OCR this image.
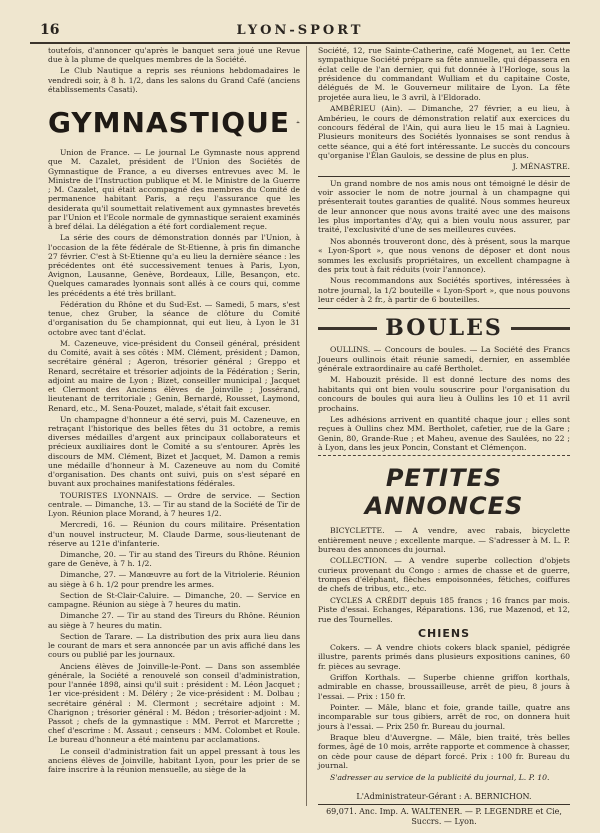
16	LYON-SPORT

toutefois, d'annoncer qu'après le banquet sera joué une Revue due à la plume de quelques membres de la Société.

Le Club Nautique a repris ses réunions hebdomadaires le vendredi soir, à 8 h. 1/2, dans les salons du Grand Café (anciens établissements Casati).

GYMNASTIQUE

Union de France. — Le journal Le Gymnaste nous apprend que M. Cazalet, président de l'Union des Sociétés de Gymnastique de France, a eu diverses entrevues avec M. le Ministre de l'Instruction publique et M. le Ministre de la Guerre ; M. Cazalet, qui était accompagné des membres du Comité de permanence habitant Paris, a reçu l'assurance que les desiderata qu'il soumettait relativement aux gymnastes brevetés par l'Union et l'Ecole normale de gymnastique seraient examinés à bref délai. La délégation a été fort cordialement reçue.

La série des cours de démonstration donnés par l'Union, à l'occasion de la fête fédérale de St-Etienne, à pris fin dimanche 27 février. C'est à St-Etienne qu'a eu lieu la dernière séance : les précédentes ont été successivement tenues à Paris, Lyon, Avignon, Lausanne, Genève, Bordeaux, Lille, Besançon, etc. Quelques camarades lyonnais sont allés à ce cours qui, comme les précédents a été très brillant.

Fédération du Rhône et du Sud-Est. — Samedi, 5 mars, s'est tenue, chez Gruber, la séance de clôture du Comité d'organisation du 5e championnat, qui eut lieu, à Lyon le 31 octobre avec tant d'éclat.

M. Cazeneuve, vice-président du Conseil général, président du Comité, avait à ses côtés : MM. Clément, président ; Damon, secrétaire général ; Ageron, trésorier général ; Greppo et Renard, secrétaire et trésorier adjoints de la Fédération ; Serin, adjoint au maire de Lyon ; Bizet, conseiller municipal ; Jacquet et Clermont des Anciens élèves de Joinville ; Jossérand, lieutenant de territoriale ; Genin, Bernardé, Rousset, Laymond, Renard, etc., M. Sena-Pouzet, malade, s'était fait excuser.

Un champagne d'honneur a été servi, puis M. Cazeneuve, en retraçant l'historique des belles fêtes du 31 octobre, a remis diverses médailles d'argent aux principaux collaborateurs et précieux auxiliaires dont le Comité a su s'entourer. Après les discours de MM. Clément, Bizet et Jacquet, M. Damon a remis une médaille d'honneur à M. Cazeneuve au nom du Comité d'organisation. Des chants ont suivi, puis on s'est séparé en buvant aux prochaines manifestations fédérales.

TOURISTES LYONNAIS. — Ordre de service. — Section centrale. — Dimanche, 13. — Tir au stand de la Société de Tir de Lyon. Réunion place Morand, à 7 heures 1/2.

Mercredi, 16. — Réunion du cours militaire. Présentation d'un nouvel instructeur, M. Claude Darme, sous-lieutenant de réserve au 121e d'infanterie.

Dimanche, 20. — Tir au stand des Tireurs du Rhône. Réunion gare de Genève, à 7 h. 1/2.

Dimanche, 27. — Manœuvre au fort de la Vitriolerie. Réunion au siège à 6 h. 1/2 pour prendre les armes.

Section de St-Clair-Caluire. — Dimanche, 20. — Service en campagne. Réunion au siège à 7 heures du matin.

Dimanche 27. — Tir au stand des Tireurs du Rhône. Réunion au siège à 7 heures du matin.

Section de Tarare. — La distribution des prix aura lieu dans le courant de mars et sera annoncée par un avis affiché dans les cours ou publié par les journaux.

Anciens élèves de Joinville-le-Pont. — Dans son assemblée générale, la Société a renouvelé son conseil d'administration, pour l'année 1898, ainsi qu'il suit : président : M. Léon Jacquet ; 1er vice-président : M. Déléry ; 2e vice-président : M. Dolbau ; secrétaire général : M. Clermont ; secrétaire adjoint : M. Charignon ; trésorier général : M. Bédon ; trésorier-adjoint : M. Passot ; chefs de la gymnastique : MM. Perrot et Marcrette ; chef d'escrime : M. Assaut ; censeurs : MM. Colombet et Roule. Le bureau d'honneur a été maintenu par acclamations.

Le conseil d'administration fait un appel pressant à tous les anciens élèves de Joinville, habitant Lyon, pour les prier de se faire inscrire à la réunion mensuelle, au siège de la

Société, 12, rue Sainte-Catherine, café Mogenet, au 1er. Cette sympathique Société prépare sa fête annuelle, qui dépassera en éclat celle de l'an dernier, qui fut donnée à l'Horloge, sous la présidence du commandant Wulliam et du capitaine Coste, délégués de M. le Gouverneur militaire de Lyon. La fête projetée aura lieu, le 3 avril, à l'Eldorado.

AMBÉRIEU (Ain). — Dimanche, 27 février, a eu lieu, à Ambérieu, le cours de démonstration relatif aux exercices du concours fédéral de l'Ain, qui aura lieu le 15 mai à Lagnieu. Plusieurs moniteurs des Sociétés lyonnaises se sont rendus à cette séance, qui a été fort intéressante. Le succès du concours qu'organise l'Élan Gaulois, se dessine de plus en plus.

J. MÉNASTRE.

Un grand nombre de nos amis nous ont témoigné le désir de voir associer le nom de notre journal à un champagne qui présenterait toutes garanties de qualité. Nous sommes heureux de leur annoncer que nous avons traité avec une des maisons les plus importantes d'Ay, qui a bien voulu nous assurer, par traité, l'exclusivité d'une de ses meilleures cuvées.

Nos abonnés trouveront donc, dès à présent, sous la marque « Lyon-Sport », que nous venons de déposer et dont nous sommes les exclusifs propriétaires, un excellent champagne à des prix tout à fait réduits (voir l'annonce).

Nous recommandons aux Sociétés sportives, intéressées à notre journal, la 1/2 bouteille « Lyon-Sport », que nous pouvons leur céder à 2 fr., à partir de 6 bouteilles.

BOULES

OULLINS. — Concours de boules. — La Société des Francs Joueurs oullinois était réunie samedi, dernier, en assemblée générale extraordinaire au café Bertholet.

M. Habouzit préside. Il est donné lecture des noms des habitants qui ont bien voulu souscrire pour l'organisation du concours de boules qui aura lieu à Oullins les 10 et 11 avril prochains.

Les adhésions arrivent en quantité chaque jour ; elles sont reçues à Oullins chez MM. Bertholet, cafetier, rue de la Gare ; Genin, 80, Grande-Rue ; et Maheu, avenue des Saulées, no 22 ; à Lyon, dans les jeux Poncin, Constant et Clémençon.

PETITES ANNONCES

BICYCLETTE. — A vendre, avec rabais, bicyclette entièrement neuve ; excellente marque. — S'adresser à M. L. P. bureau des annonces du journal.

COLLECTION. — A vendre superbe collection d'objets curieux provenant du Congo : armes de chasse et de guerre, trompes d'éléphant, flèches empoisonnées, fétiches, coiffures de chefs de tribus, etc., etc.

CYCLES A CRÉDIT depuis 185 francs ; 16 francs par mois. Piste d'essai. Echanges, Réparations. 136, rue Mazenod, et 12, rue des Tournelles.

CHIENS

Cokers. — A vendre chiots cokers black spaniel, pédigrée illustre, parents primés dans plusieurs expositions canines, 60 fr. pièces au sevrage.

Griffon Korthals. — Superbe chienne griffon korthals, admirable en chasse, broussailleuse, arrêt de pieu, 8 jours à l'essai. — Prix : 150 fr.

Pointer. — Mâle, blanc et foie, grande taille, quatre ans incomparable sur tous gibiers, arrêt de roc, on donnera huit jours à l'essai. — Prix 250 fr. Bureau du journal.

Braque bleu d'Auvergne. — Mâle, bien traité, très belles formes, âgé de 10 mois, arrête rapporte et commence à chasser, on cède pour cause de départ forcé. Prix : 100 fr. Bureau du journal.

S'adresser au service de la publicité du journal, L. P. 10.

L'Administrateur-Gérant : A. BERNICHON.
69,071. Anc. Imp. A. WALTENER. — P. LEGENDRE et Cie, Succrs. — Lyon.
